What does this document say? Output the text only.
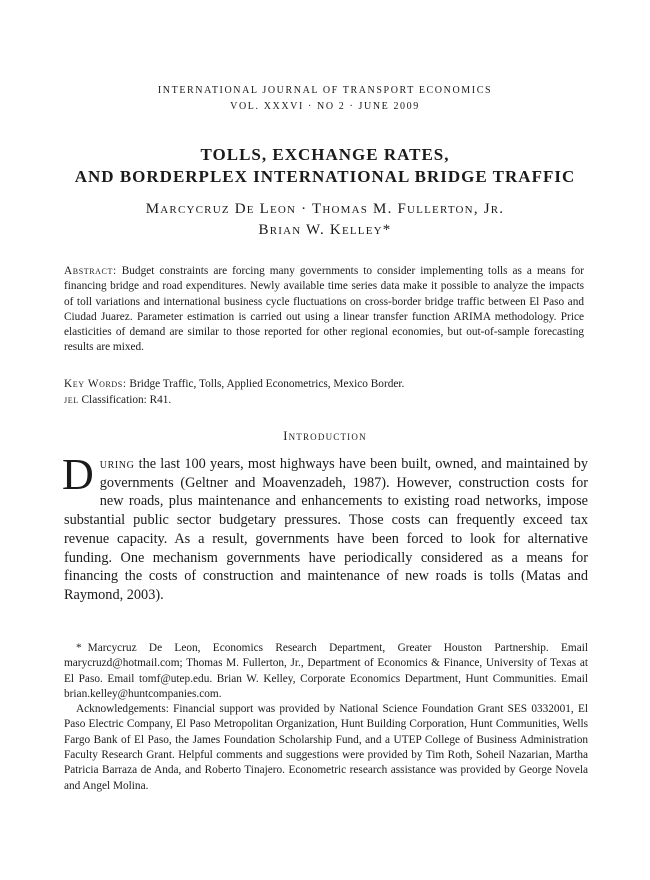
INTERNATIONAL JOURNAL OF TRANSPORT ECONOMICS
VOL. XXXVI · NO 2 · JUNE 2009
TOLLS, EXCHANGE RATES,
AND BORDERPLEX INTERNATIONAL BRIDGE TRAFFIC
Marcycruz De Leon · Thomas M. Fullerton, Jr.
Brian W. Kelley*
Abstract: Budget constraints are forcing many governments to consider implementing tolls as a means for financing bridge and road expenditures. Newly available time series data make it possible to analyze the impacts of toll variations and international business cycle fluctuations on cross-border bridge traffic between El Paso and Ciudad Juarez. Parameter estimation is carried out using a linear transfer function ARIMA methodology. Price elasticities of demand are similar to those reported for other regional economies, but out-of-sample forecasting results are mixed.
Key Words: Bridge Traffic, Tolls, Applied Econometrics, Mexico Border.
jel Classification: R41.
Introduction
During the last 100 years, most highways have been built, owned, and maintained by governments (Geltner and Moavenzadeh, 1987). However, construction costs for new roads, plus maintenance and enhancements to existing road networks, impose substantial public sector budgetary pressures. Those costs can frequently exceed tax revenue capacity. As a result, governments have been forced to look for alternative funding. One mechanism governments have periodically considered as a means for financing the costs of construction and maintenance of new roads is tolls (Matas and Raymond, 2003).

* Marcycruz De Leon, Economics Research Department, Greater Houston Partnership. Email marycruzd@hotmail.com; Thomas M. Fullerton, Jr., Department of Economics & Finance, University of Texas at El Paso. Email tomf@utep.edu. Brian W. Kelley, Corporate Economics Department, Hunt Communities. Email brian.kelley@huntcompanies.com.

Acknowledgements: Financial support was provided by National Science Foundation Grant SES 0332001, El Paso Electric Company, El Paso Metropolitan Organization, Hunt Building Corporation, Hunt Communities, Wells Fargo Bank of El Paso, the James Foundation Scholarship Fund, and a UTEP College of Business Administration Faculty Research Grant. Helpful comments and suggestions were provided by Tim Roth, Soheil Nazarian, Martha Patricia Barraza de Anda, and Roberto Tinajero. Econometric research assistance was provided by George Novela and Angel Molina.
